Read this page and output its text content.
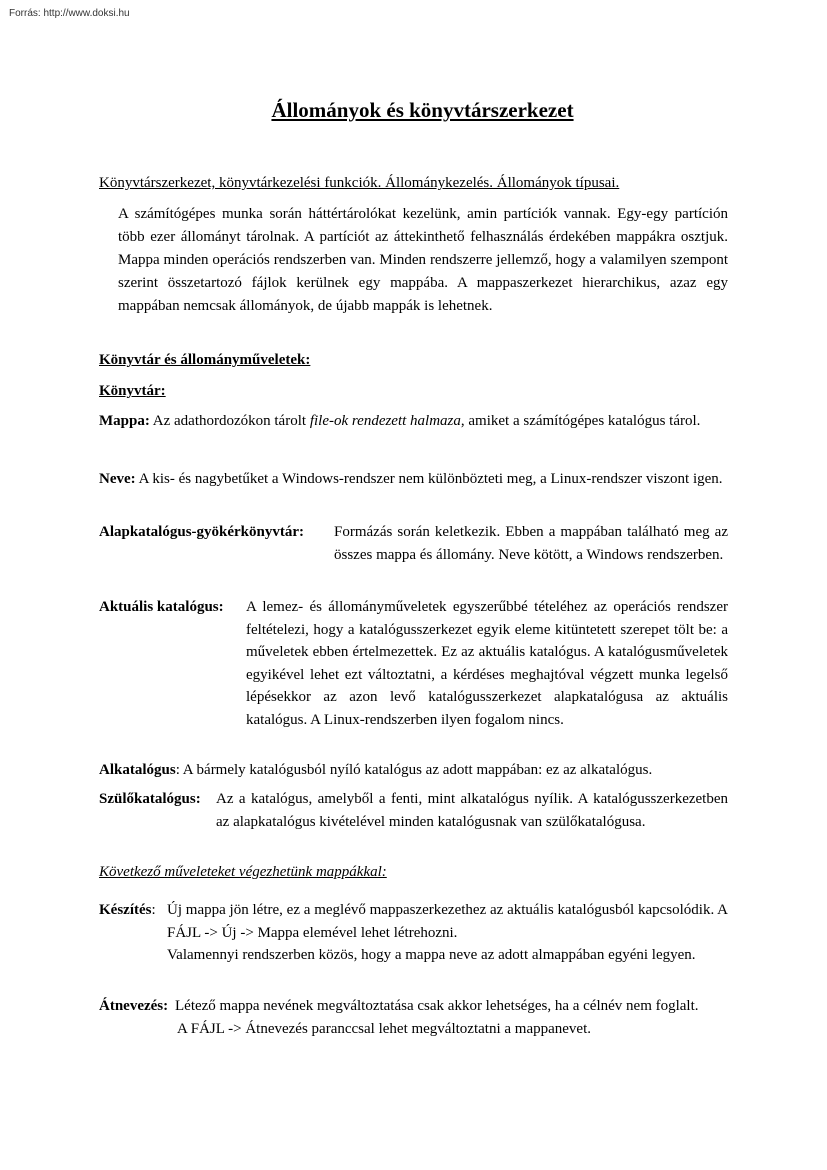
Forrás: http://www.doksi.hu
Állományok és könyvtárszerkezet
Könyvtárszerkezet, könyvtárkezelési funkciók. Állománykezelés. Állományok típusai.

A számítógépes munka során háttértárolókat kezelünk, amin partíciók vannak. Egy-egy partíción több ezer állományt tárolnak. A partíciót az áttekinthető felhasználás érdekében mappákra osztjuk. Mappa minden operációs rendszerben van. Minden rendszerre jellemző, hogy a valamilyen szempont szerint összetartozó fájlok kerülnek egy mappába. A mappaszerkezet hierarchikus, azaz egy mappában nemcsak állományok, de újabb mappák is lehetnek.

Könyvtár és állományműveletek:
Könyvtár:

Mappa: Az adathordozókon tárolt file-ok rendezett halmaza, amiket a számítógépes katalógus tárol.

Neve: A kis- és nagybetűket a Windows-rendszer nem különbözteti meg, a Linux-rendszer viszont igen.

Alapkatalógus-gyökérkönyvtár:	Formázás során keletkezik. Ebben a mappában található meg az összes mappa és állomány. Neve kötött, a Windows rendszerben.
Aktuális katalógus:	A lemez- és állományműveletek egyszerűbbé tételéhez az operációs rendszer feltételezi, hogy a katalógusszerkezet egyik eleme kitüntetett szerepet tölt be: a műveletek ebben értelmezettek. Ez az aktuális katalógus. A katalógusműveletek egyikével lehet ezt változtatni, a kérdéses meghajtóval végzett munka legelső lépésekkor az azon levő katalógusszerkezet alapkatalógusa az aktuális katalógus. A Linux-rendszerben ilyen fogalom nincs.

Alkatalógus: A bármely katalógusból nyíló katalógus az adott mappában: ez az alkatalógus.

Szülőkatalógus:	Az a katalógus, amelyből a fenti, mint alkatalógus nyílik. A katalógusszerkezetben az alapkatalógus kivételével minden katalógusnak van szülőkatalógusa.
Következő műveleteket végezhetünk mappákkal:
Készítés: Új mappa jön létre, ez a meglévő mappaszerkezethez az aktuális katalógusból kapcsolódik. A FÁJL -> Új -> Mappa elemével lehet létrehozni.
Valamennyi rendszerben közös, hogy a mappa neve az adott almappában egyéni legyen.
Átnevezés: Létező mappa nevének megváltoztatása csak akkor lehetséges, ha a célnév nem foglalt.
A FÁJL -> Átnevezés paranccsal lehet megváltoztatni a mappanevet.
